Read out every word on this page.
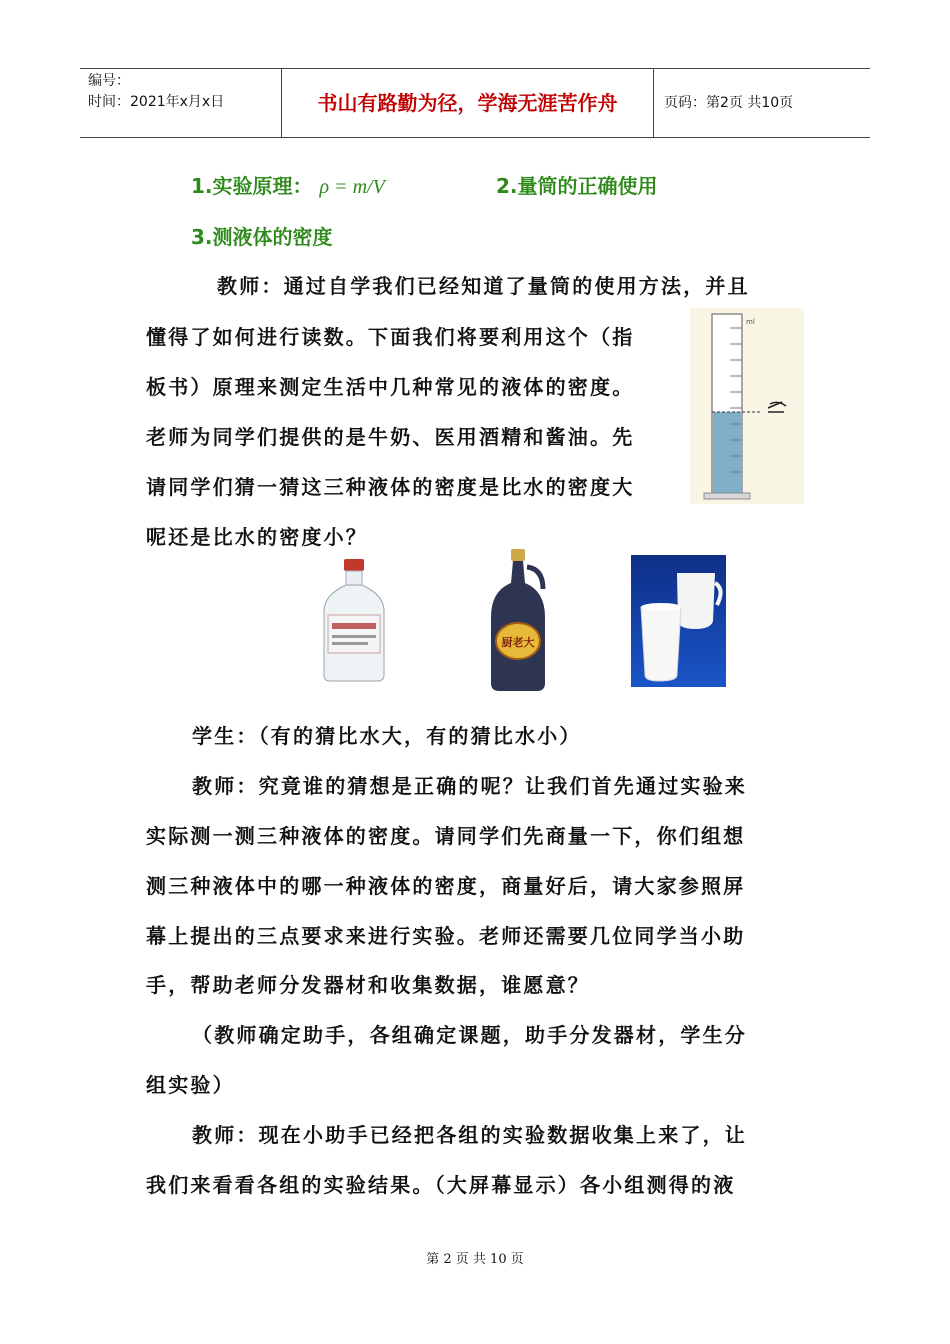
编号：
时间：2021年x月x日	书山有路勤为径，学海无涯苦作舟	页码：第2页 共10页
1.实验原理： ρ = m/V	2.量筒的正确使用
3.测液体的密度
教师：通过自学我们已经知道了量筒的使用方法，并且
懂得了如何进行读数。下面我们将要利用这个（指
板书）原理来测定生活中几种常见的液体的密度。
老师为同学们提供的是牛奶、医用酒精和酱油。先
请同学们猜一猜这三种液体的密度是比水的密度大
呢还是比水的密度小？
ml
厨老大
学生：（有的猜比水大，有的猜比水小）
教师：究竟谁的猜想是正确的呢？让我们首先通过实验来
实际测一测三种液体的密度。请同学们先商量一下，你们组想
测三种液体中的哪一种液体的密度，商量好后，请大家参照屏
幕上提出的三点要求来进行实验。老师还需要几位同学当小助
手，帮助老师分发器材和收集数据，谁愿意？
（教师确定助手，各组确定课题，助手分发器材，学生分
组实验）
教师：现在小助手已经把各组的实验数据收集上来了，让
我们来看看各组的实验结果。（大屏幕显示）各小组测得的液
第 2 页 共 10 页
